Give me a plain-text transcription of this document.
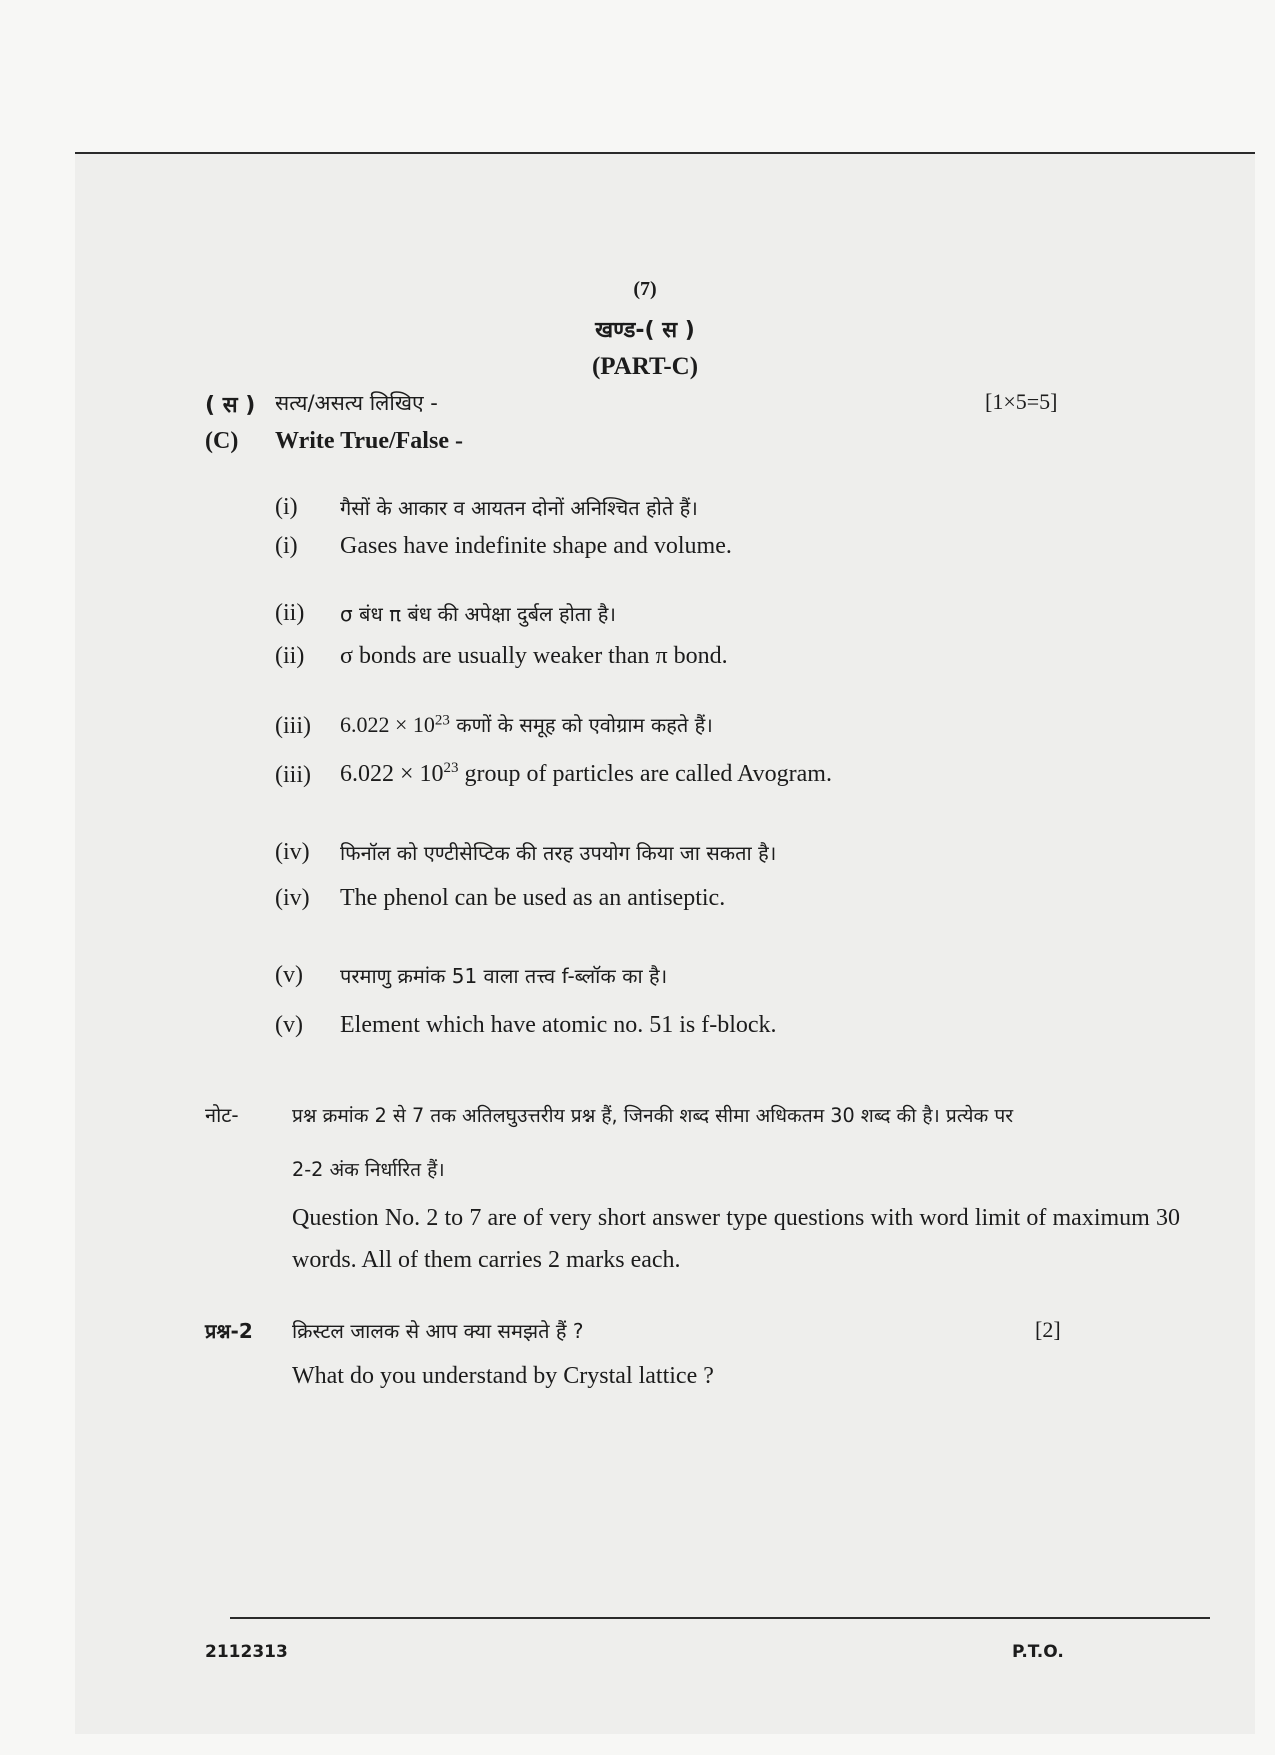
(7)
खण्ड-( स )
(PART-C)
( स ) सत्य/असत्य लिखिए -	[1×5=5]
(C) Write True/False -
(i) गैसों के आकार व आयतन दोनों अनिश्चित होते हैं।
(i) Gases have indefinite shape and volume.
(ii) σ बंध π बंध की अपेक्षा दुर्बल होता है।
(ii) σ bonds are usually weaker than π bond.
(iii) $6.022 \times 10^{23}$ कणों के समूह को एवोग्राम कहते हैं।
(iii) $6.022 \times 10^{23}$ group of particles are called Avogram.
(iv) फिनॉल को एण्टीसेप्टिक की तरह उपयोग किया जा सकता है।
(iv) The phenol can be used as an antiseptic.
(v) परमाणु क्रमांक 51 वाला तत्त्व f-ब्लॉक का है।
(v) Element which have atomic no. 51 is f-block.
नोट-	प्रश्न क्रमांक 2 से 7 तक अतिलघुउत्तरीय प्रश्न हैं, जिनकी शब्द सीमा अधिकतम 30 शब्द की है। प्रत्येक पर
2-2 अंक निर्धारित हैं।
Question No. 2 to 7 are of very short answer type questions with word limit of maximum 30 words. All of them carries 2 marks each.
प्रश्न-2 क्रिस्टल जालक से आप क्या समझते हैं ?	[2]
What do you understand by Crystal lattice ?
2112313	P.T.O.
